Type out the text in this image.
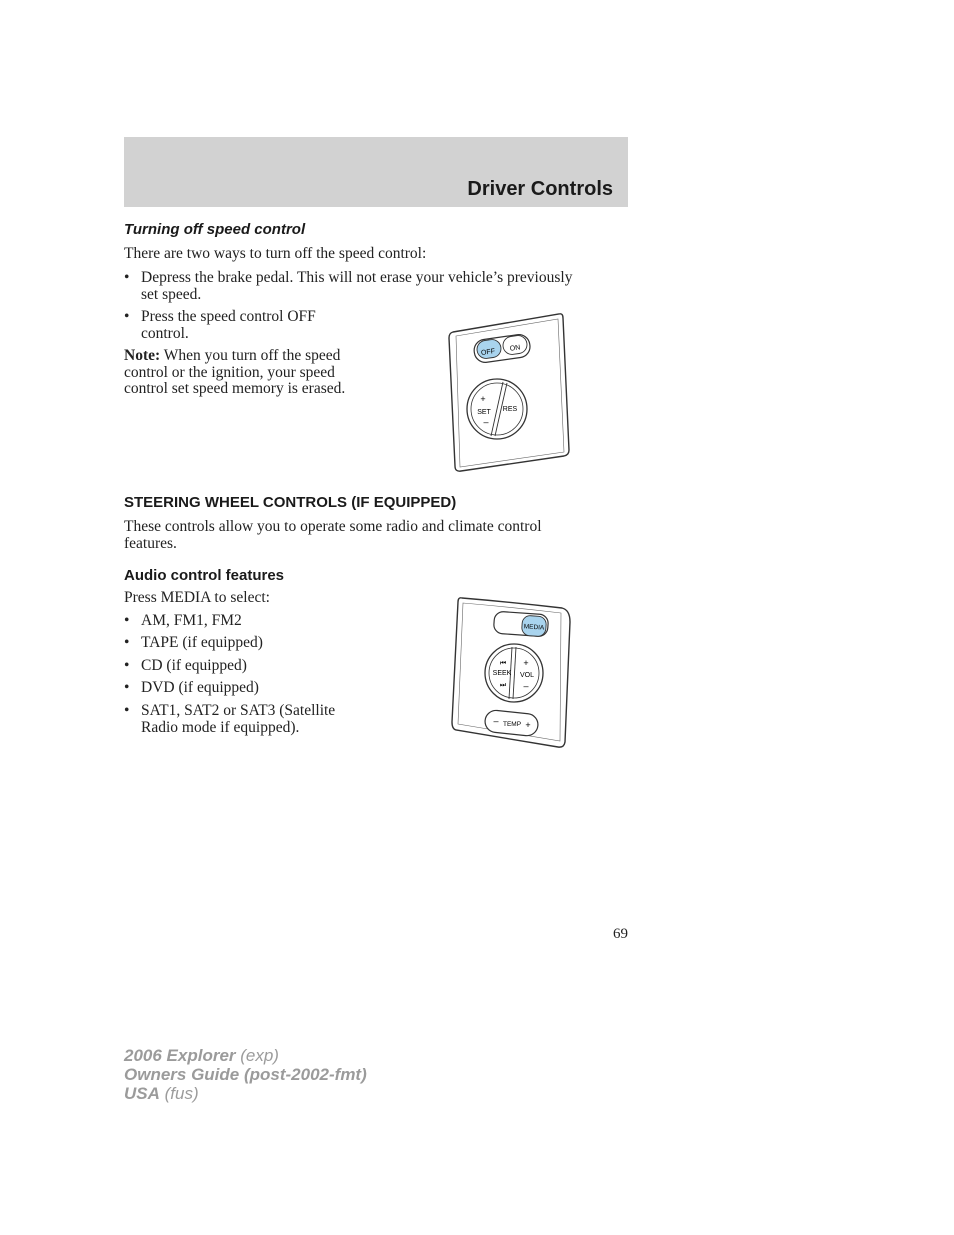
Driver Controls
Turning off speed control
There are two ways to turn off the speed control:
• Depress the brake pedal. This will not erase your vehicle’s previously
set speed.
• Press the speed control OFF
control.
Note: When you turn off the speed
control or the ignition, your speed
control set speed memory is erased.
OFF ON
+
SET
–
RES
STEERING WHEEL CONTROLS (IF EQUIPPED)
These controls allow you to operate some radio and climate control
features.
Audio control features
Press MEDIA to select:
• AM, FM1, FM2
• TAPE (if equipped)
• CD (if equipped)
• DVD (if equipped)
• SAT1, SAT2 or SAT3 (Satellite
Radio mode if equipped).
MEDIA
⏮
SEEK
⏭
+
VOL
–
– TEMP +
69
2006 Explorer (exp)
Owners Guide (post-2002-fmt)
USA (fus)
